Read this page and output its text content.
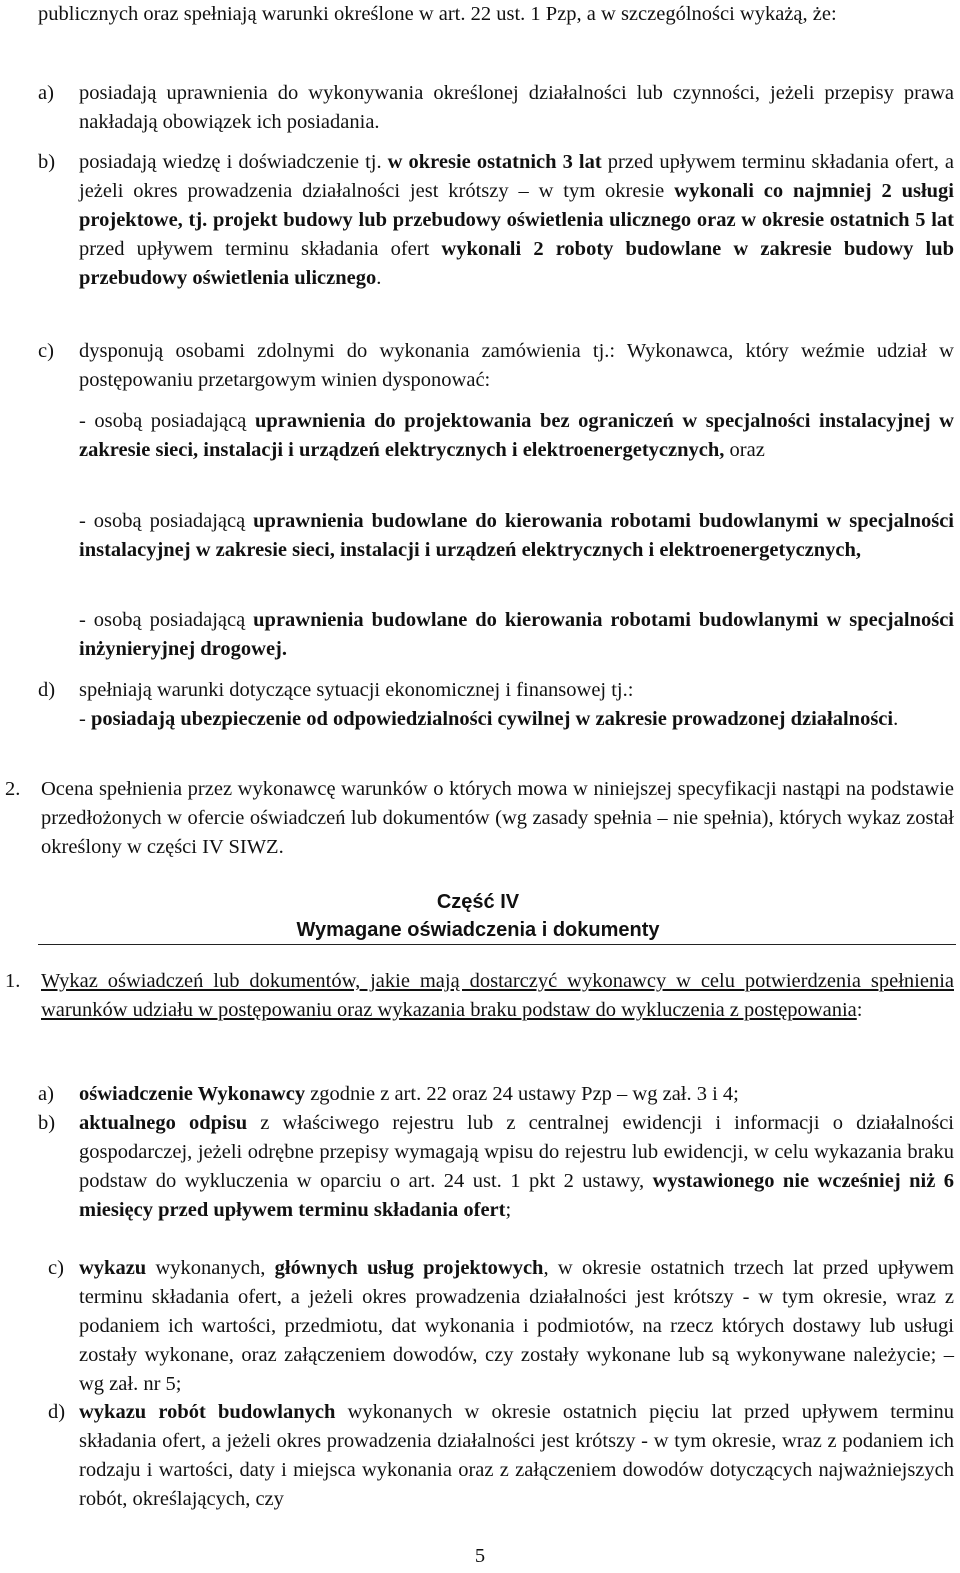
publicznych oraz spełniają warunki określone w art. 22 ust. 1 Pzp, a w szczególności wykażą, że:

a) posiadają uprawnienia do wykonywania określonej działalności lub czynności, jeżeli przepisy prawa nakładają obowiązek ich posiadania.

b) posiadają wiedzę i doświadczenie tj. w okresie ostatnich 3 lat przed upływem terminu składania ofert, a jeżeli okres prowadzenia działalności jest krótszy – w tym okresie wykonali co najmniej 2 usługi projektowe, tj. projekt budowy lub przebudowy oświetlenia ulicznego oraz w okresie ostatnich 5 lat przed upływem terminu składania ofert wykonali 2 roboty budowlane w zakresie budowy lub przebudowy oświetlenia ulicznego.

c) dysponują osobami zdolnymi do wykonania zamówienia tj.: Wykonawca, który weźmie udział w postępowaniu przetargowym winien dysponować:

- osobą posiadającą uprawnienia do projektowania bez ograniczeń w specjalności instalacyjnej w zakresie sieci, instalacji i urządzeń elektrycznych i elektroenergetycznych, oraz

- osobą posiadającą uprawnienia budowlane do kierowania robotami budowlanymi w specjalności instalacyjnej w zakresie sieci, instalacji i urządzeń elektrycznych i elektroenergetycznych,

- osobą posiadającą uprawnienia budowlane do kierowania robotami budowlanymi w specjalności inżynieryjnej drogowej.

d) spełniają warunki dotyczące sytuacji ekonomicznej i finansowej tj.:

- posiadają ubezpieczenie od odpowiedzialności cywilnej w zakresie prowadzonej działalności.

2. Ocena spełnienia przez wykonawcę warunków o których mowa w niniejszej specyfikacji nastąpi na podstawie przedłożonych w ofercie oświadczeń lub dokumentów (wg zasady spełnia – nie spełnia), których wykaz został określony w części IV SIWZ.

Część IV
Wymagane oświadczenia i dokumenty
1. Wykaz oświadczeń lub dokumentów, jakie mają dostarczyć wykonawcy w celu potwierdzenia spełnienia warunków udziału w postępowaniu oraz wykazania braku podstaw do wykluczenia z postępowania:

a) oświadczenie Wykonawcy zgodnie z art. 22 oraz 24 ustawy Pzp – wg zał. 3 i 4;

b) aktualnego odpisu z właściwego rejestru lub z centralnej ewidencji i informacji o działalności gospodarczej, jeżeli odrębne przepisy wymagają wpisu do rejestru lub ewidencji, w celu wykazania braku podstaw do wykluczenia w oparciu o art. 24 ust. 1 pkt 2 ustawy, wystawionego nie wcześniej niż 6 miesięcy przed upływem terminu składania ofert;

c) wykazu wykonanych, głównych usług projektowych, w okresie ostatnich trzech lat przed upływem terminu składania ofert, a jeżeli okres prowadzenia działalności jest krótszy - w tym okresie, wraz z podaniem ich wartości, przedmiotu, dat wykonania i podmiotów, na rzecz których dostawy lub usługi zostały wykonane, oraz załączeniem dowodów, czy zostały wykonane lub są wykonywane należycie; – wg zał. nr 5;

d) wykazu robót budowlanych wykonanych w okresie ostatnich pięciu lat przed upływem terminu składania ofert, a jeżeli okres prowadzenia działalności jest krótszy - w tym okresie, wraz z podaniem ich rodzaju i wartości, daty i miejsca wykonania oraz z załączeniem dowodów dotyczących najważniejszych robót, określających, czy

5
